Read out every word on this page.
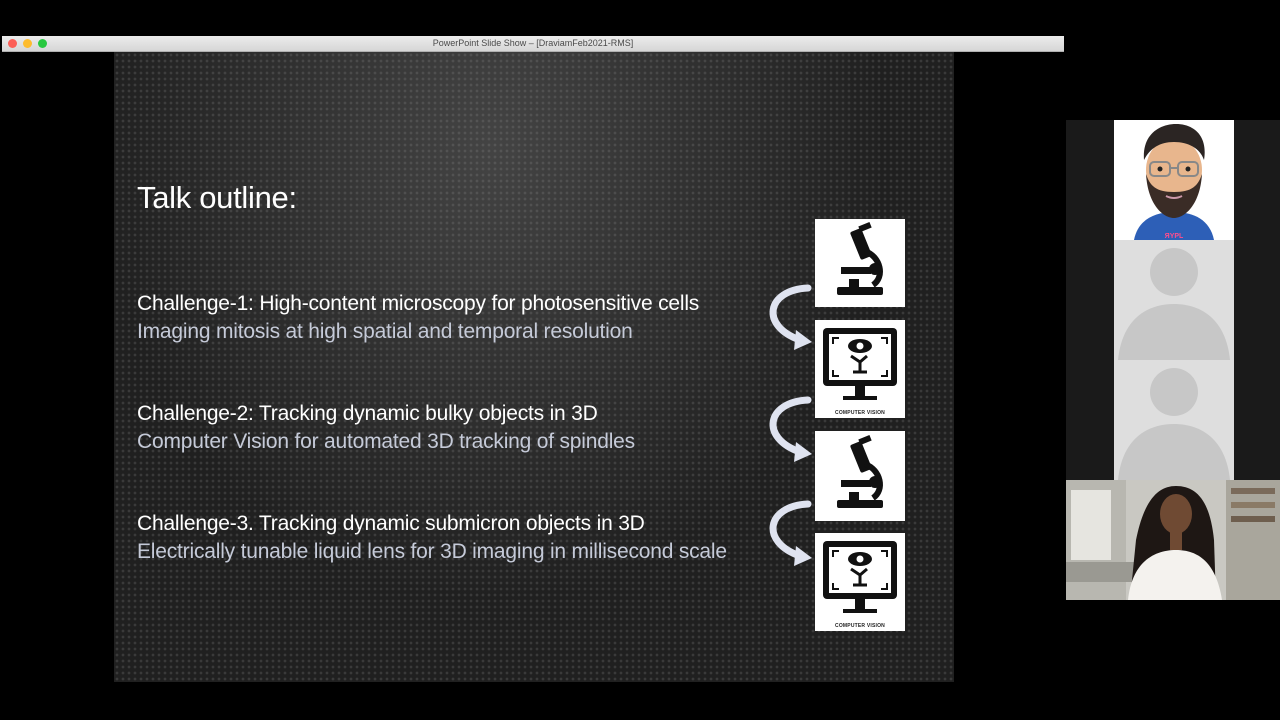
PowerPoint Slide Show – [DraviamFeb2021-RMS]
Talk outline:
Challenge-1: High-content microscopy for photosensitive cells
Imaging mitosis at high spatial and temporal resolution
Challenge-2: Tracking dynamic bulky objects in 3D
Computer Vision for automated 3D tracking of spindles
Challenge-3. Tracking dynamic submicron objects in 3D
Electrically tunable liquid lens for 3D imaging in millisecond scale
COMPUTER VISION
COMPUTER VISION
ЯYPL
